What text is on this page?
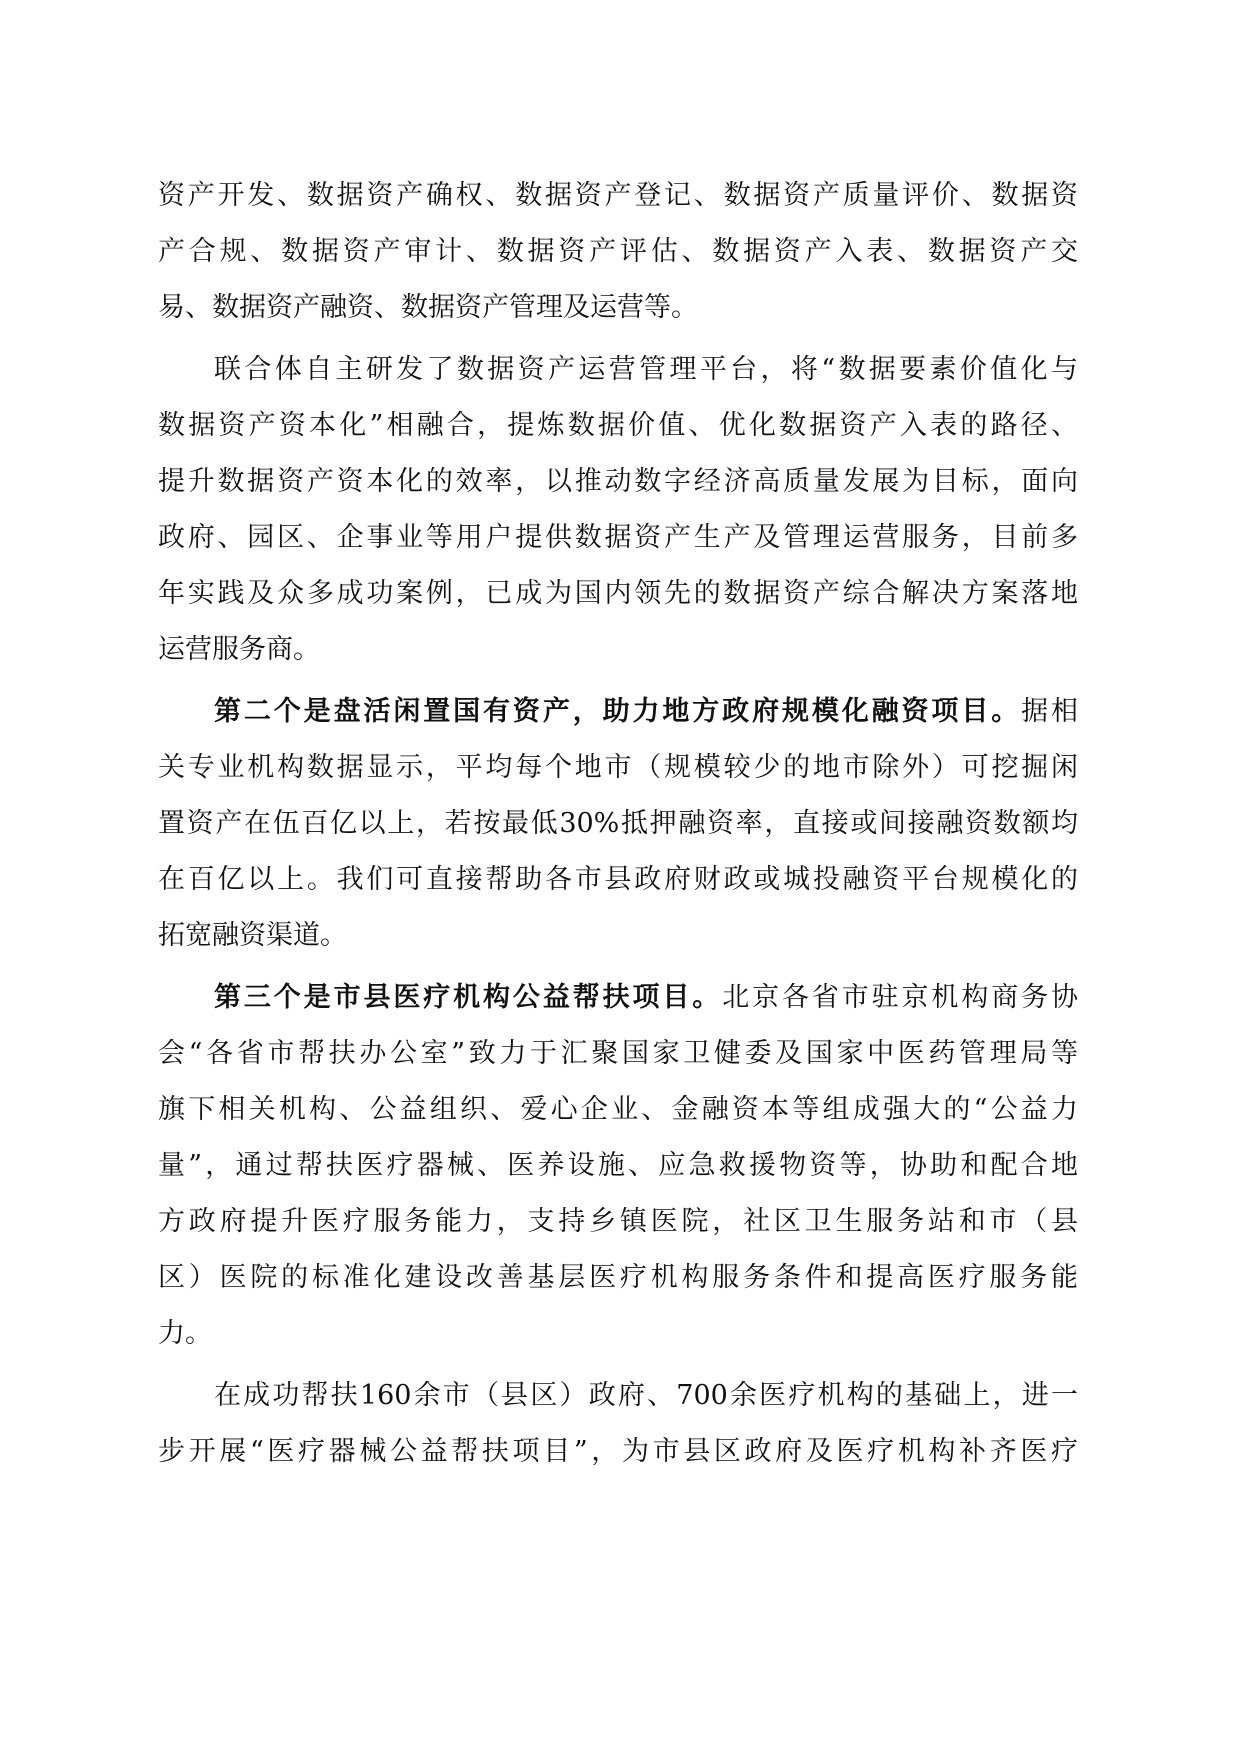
资产开发、数据资产确权、数据资产登记、数据资产质量评价、数据资
产合规、数据资产审计、数据资产评估、数据资产入表、数据资产交
易、数据资产融资、数据资产管理及运营等。
联合体自主研发了数据资产运营管理平台，将“数据要素价值化与
数据资产资本化”相融合，提炼数据价值、优化数据资产入表的路径、
提升数据资产资本化的效率，以推动数字经济高质量发展为目标，面向
政府、园区、企事业等用户提供数据资产生产及管理运营服务，目前多
年实践及众多成功案例，已成为国内领先的数据资产综合解决方案落地
运营服务商。
第二个是盘活闲置国有资产，助力地方政府规模化融资项目。据相
关专业机构数据显示，平均每个地市（规模较少的地市除外）可挖掘闲
置资产在伍百亿以上，若按最低30%抵押融资率，直接或间接融资数额均
在百亿以上。我们可直接帮助各市县政府财政或城投融资平台规模化的
拓宽融资渠道。
第三个是市县医疗机构公益帮扶项目。北京各省市驻京机构商务协
会“各省市帮扶办公室”致力于汇聚国家卫健委及国家中医药管理局等
旗下相关机构、公益组织、爱心企业、金融资本等组成强大的“公益力
量”，通过帮扶医疗器械、医养设施、应急救援物资等，协助和配合地
方政府提升医疗服务能力，支持乡镇医院，社区卫生服务站和市（县
区）医院的标准化建设改善基层医疗机构服务条件和提高医疗服务能
力。
在成功帮扶160余市（县区）政府、700余医疗机构的基础上，进一
步开展“医疗器械公益帮扶项目”，为市县区政府及医疗机构补齐医疗
